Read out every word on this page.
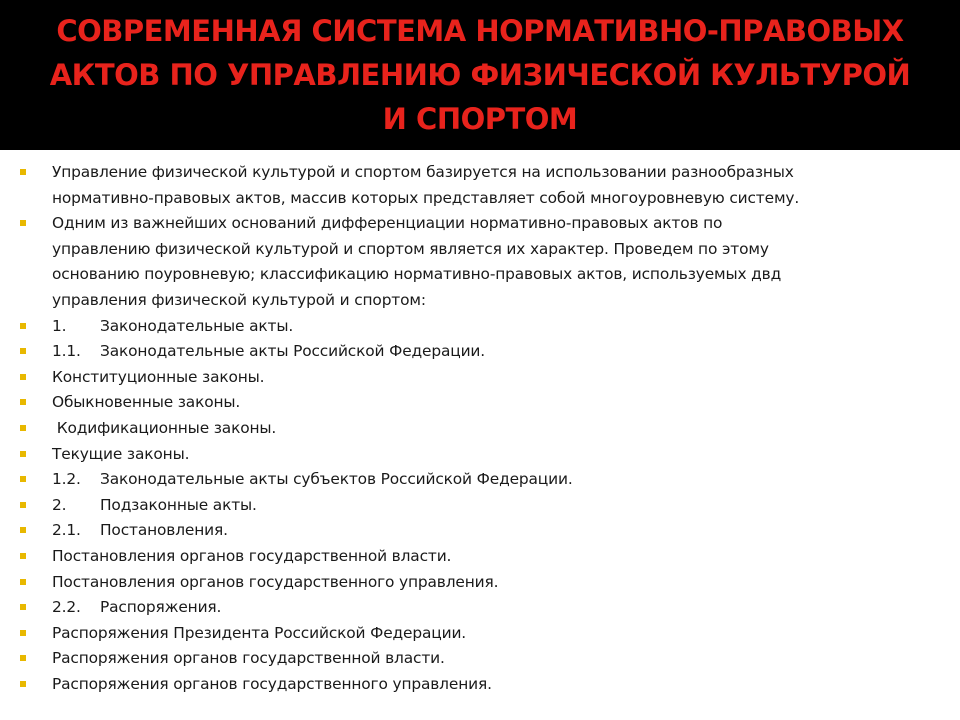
СОВРЕМЕННАЯ СИСТЕМА НОРМАТИВНО-ПРАВОВЫХ
АКТОВ ПО УПРАВЛЕНИЮ ФИЗИЧЕСКОЙ КУЛЬТУРОЙ
И СПОРТОМ
Управление физической культурой и спортом базируется на использовании разнообразных
нормативно-правовых актов, массив которых представляет собой многоуровневую систему.
Одним из важнейших оснований дифференциации нормативно-правовых актов по
управлению физической культурой и спортом является их характер. Проведем по этому
основанию поуровневую; классификацию нормативно-правовых актов, используемых двд
управления физической культурой и спортом:
1. Законодательные акты.
1.1. Законодательные акты Российской Федерации.
Конституционные законы.
Обыкновенные законы.
Кодификационные законы.
Текущие законы.
1.2. Законодательные акты субъектов Российской Федерации.
2. Подзаконные акты.
2.1. Постановления.
Постановления органов государственной власти.
Постановления органов государственного управления.
2.2. Распоряжения.
Распоряжения Президента Российской Федерации.
Распоряжения органов государственной власти.
Распоряжения органов государственного управления.
